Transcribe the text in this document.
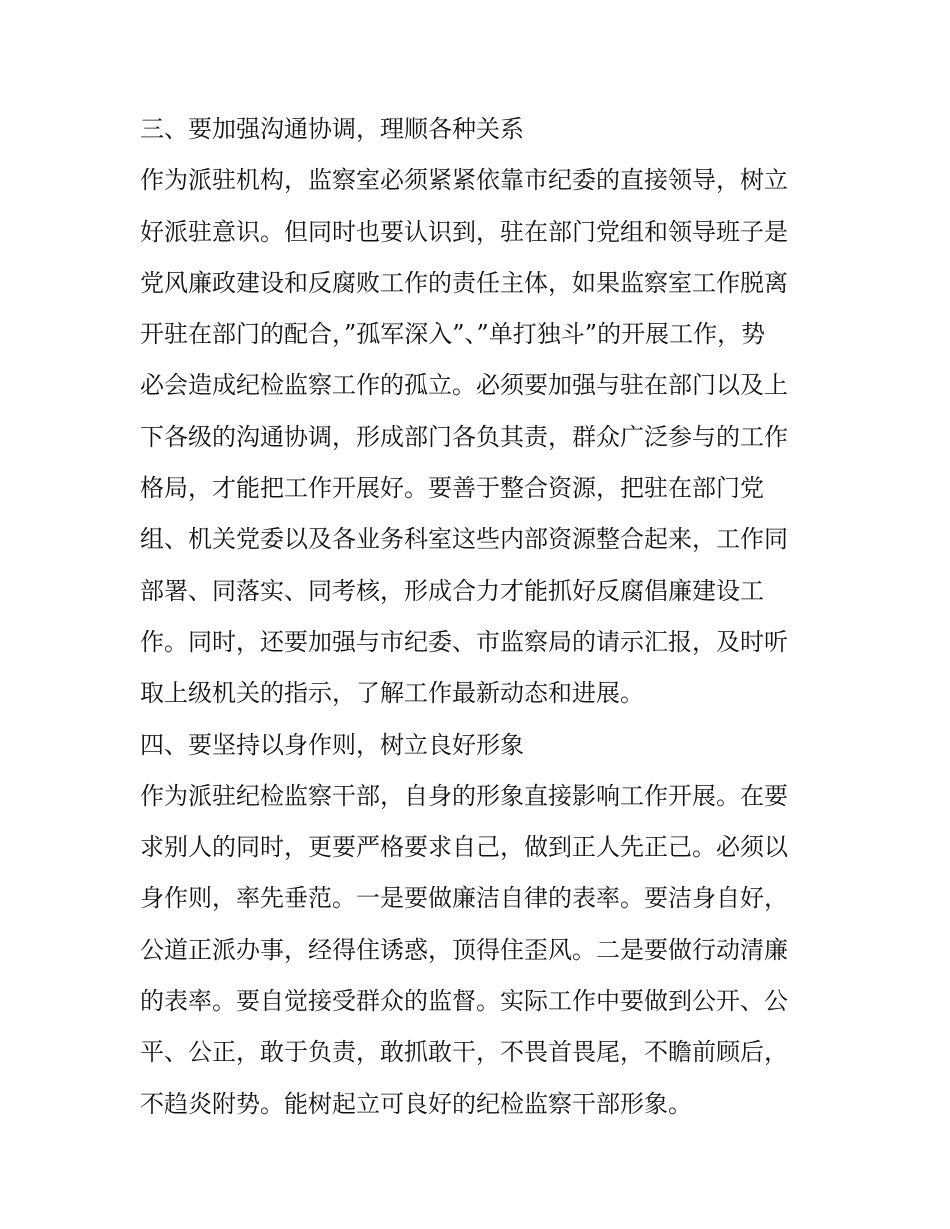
三、要加强沟通协调，理顺各种关系
作为派驻机构，监察室必须紧紧依靠市纪委的直接领导，树立
好派驻意识。但同时也要认识到，驻在部门党组和领导班子是
党风廉政建设和反腐败工作的责任主体，如果监察室工作脱离
开驻在部门的配合，”孤军深入”、”单打独斗”的开展工作，势
必会造成纪检监察工作的孤立。必须要加强与驻在部门以及上
下各级的沟通协调，形成部门各负其责，群众广泛参与的工作
格局，才能把工作开展好。要善于整合资源，把驻在部门党
组、机关党委以及各业务科室这些内部资源整合起来，工作同
部署、同落实、同考核，形成合力才能抓好反腐倡廉建设工
作。同时，还要加强与市纪委、市监察局的请示汇报，及时听
取上级机关的指示，了解工作最新动态和进展。
四、要坚持以身作则，树立良好形象
作为派驻纪检监察干部，自身的形象直接影响工作开展。在要
求别人的同时，更要严格要求自己，做到正人先正己。必须以
身作则，率先垂范。一是要做廉洁自律的表率。要洁身自好，
公道正派办事，经得住诱惑，顶得住歪风。二是要做行动清廉
的表率。要自觉接受群众的监督。实际工作中要做到公开、公
平、公正，敢于负责，敢抓敢干，不畏首畏尾，不瞻前顾后，
不趋炎附势。能树起立可良好的纪检监察干部形象。
